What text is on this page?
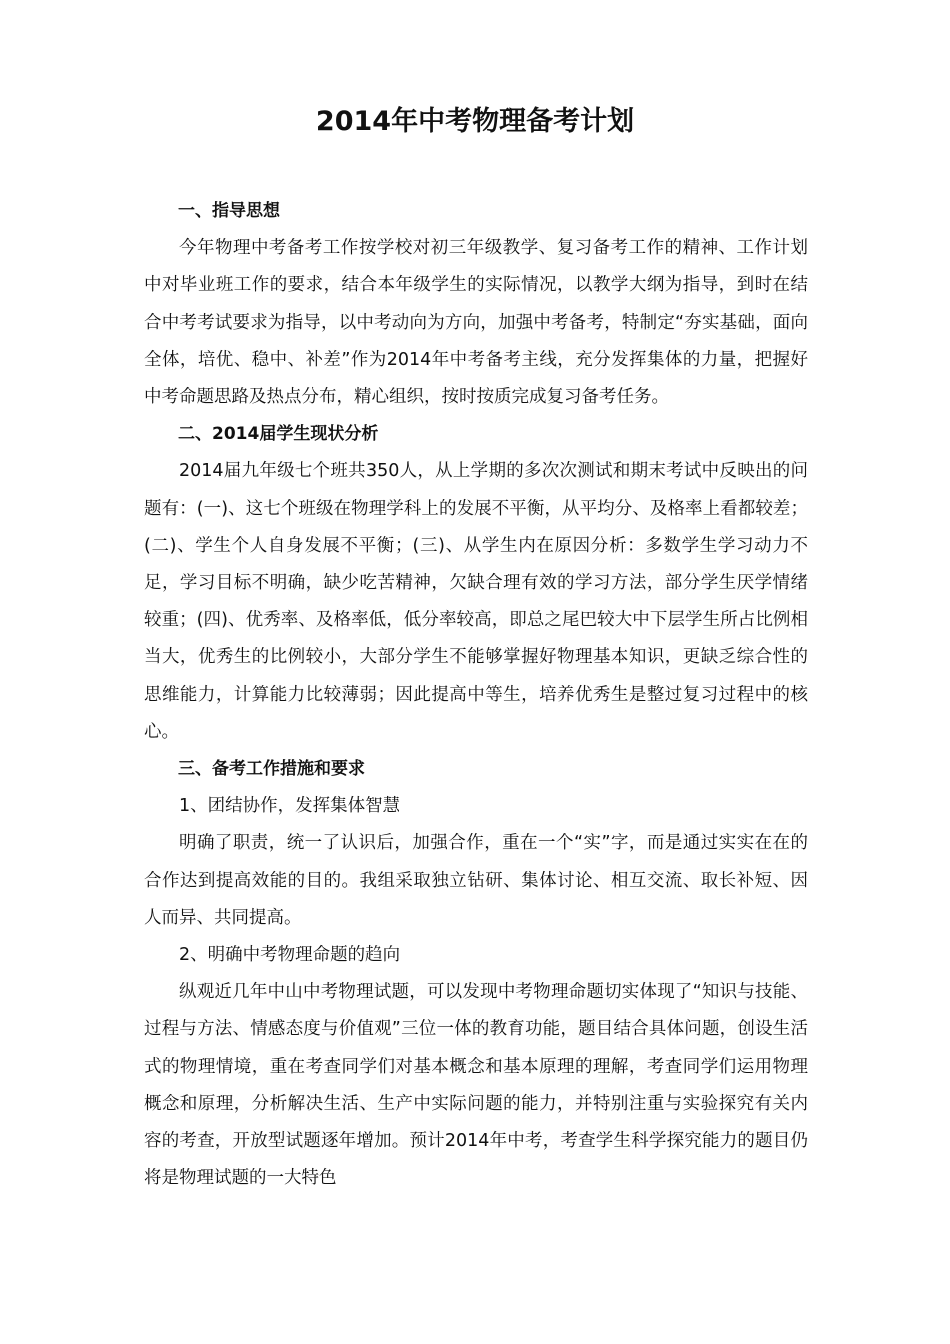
2014年中考物理备考计划
一、指导思想

今年物理中考备考工作按学校对初三年级教学、复习备考工作的精神、工作计划中对毕业班工作的要求，结合本年级学生的实际情况，以教学大纲为指导，到时在结合中考考试要求为指导，以中考动向为方向，加强中考备考，特制定“夯实基础，面向全体，培优、稳中、补差”作为2014年中考备考主线，充分发挥集体的力量，把握好中考命题思路及热点分布，精心组织，按时按质完成复习备考任务。

二、2014届学生现状分析

2014届九年级七个班共350人，从上学期的多次次测试和期末考试中反映出的问题有：(一)、这七个班级在物理学科上的发展不平衡，从平均分、及格率上看都较差；(二)、学生个人自身发展不平衡；(三)、从学生内在原因分析：多数学生学习动力不足，学习目标不明确，缺少吃苦精神，欠缺合理有效的学习方法，部分学生厌学情绪较重；(四)、优秀率、及格率低，低分率较高，即总之尾巴较大中下层学生所占比例相当大，优秀生的比例较小，大部分学生不能够掌握好物理基本知识，更缺乏综合性的思维能力，计算能力比较薄弱；因此提高中等生，培养优秀生是整过复习过程中的核心。

三、备考工作措施和要求

1、团结协作，发挥集体智慧

明确了职责，统一了认识后，加强合作，重在一个“实”字，而是通过实实在在的合作达到提高效能的目的。我组采取独立钻研、集体讨论、相互交流、取长补短、因人而异、共同提高。

2、明确中考物理命题的趋向

纵观近几年中山中考物理试题，可以发现中考物理命题切实体现了“知识与技能、过程与方法、情感态度与价值观”三位一体的教育功能，题目结合具体问题，创设生活式的物理情境，重在考查同学们对基本概念和基本原理的理解，考查同学们运用物理概念和原理，分析解决生活、生产中实际问题的能力，并特别注重与实验探究有关内容的考查，开放型试题逐年增加。预计2014年中考，考查学生科学探究能力的题目仍将是物理试题的一大特色
